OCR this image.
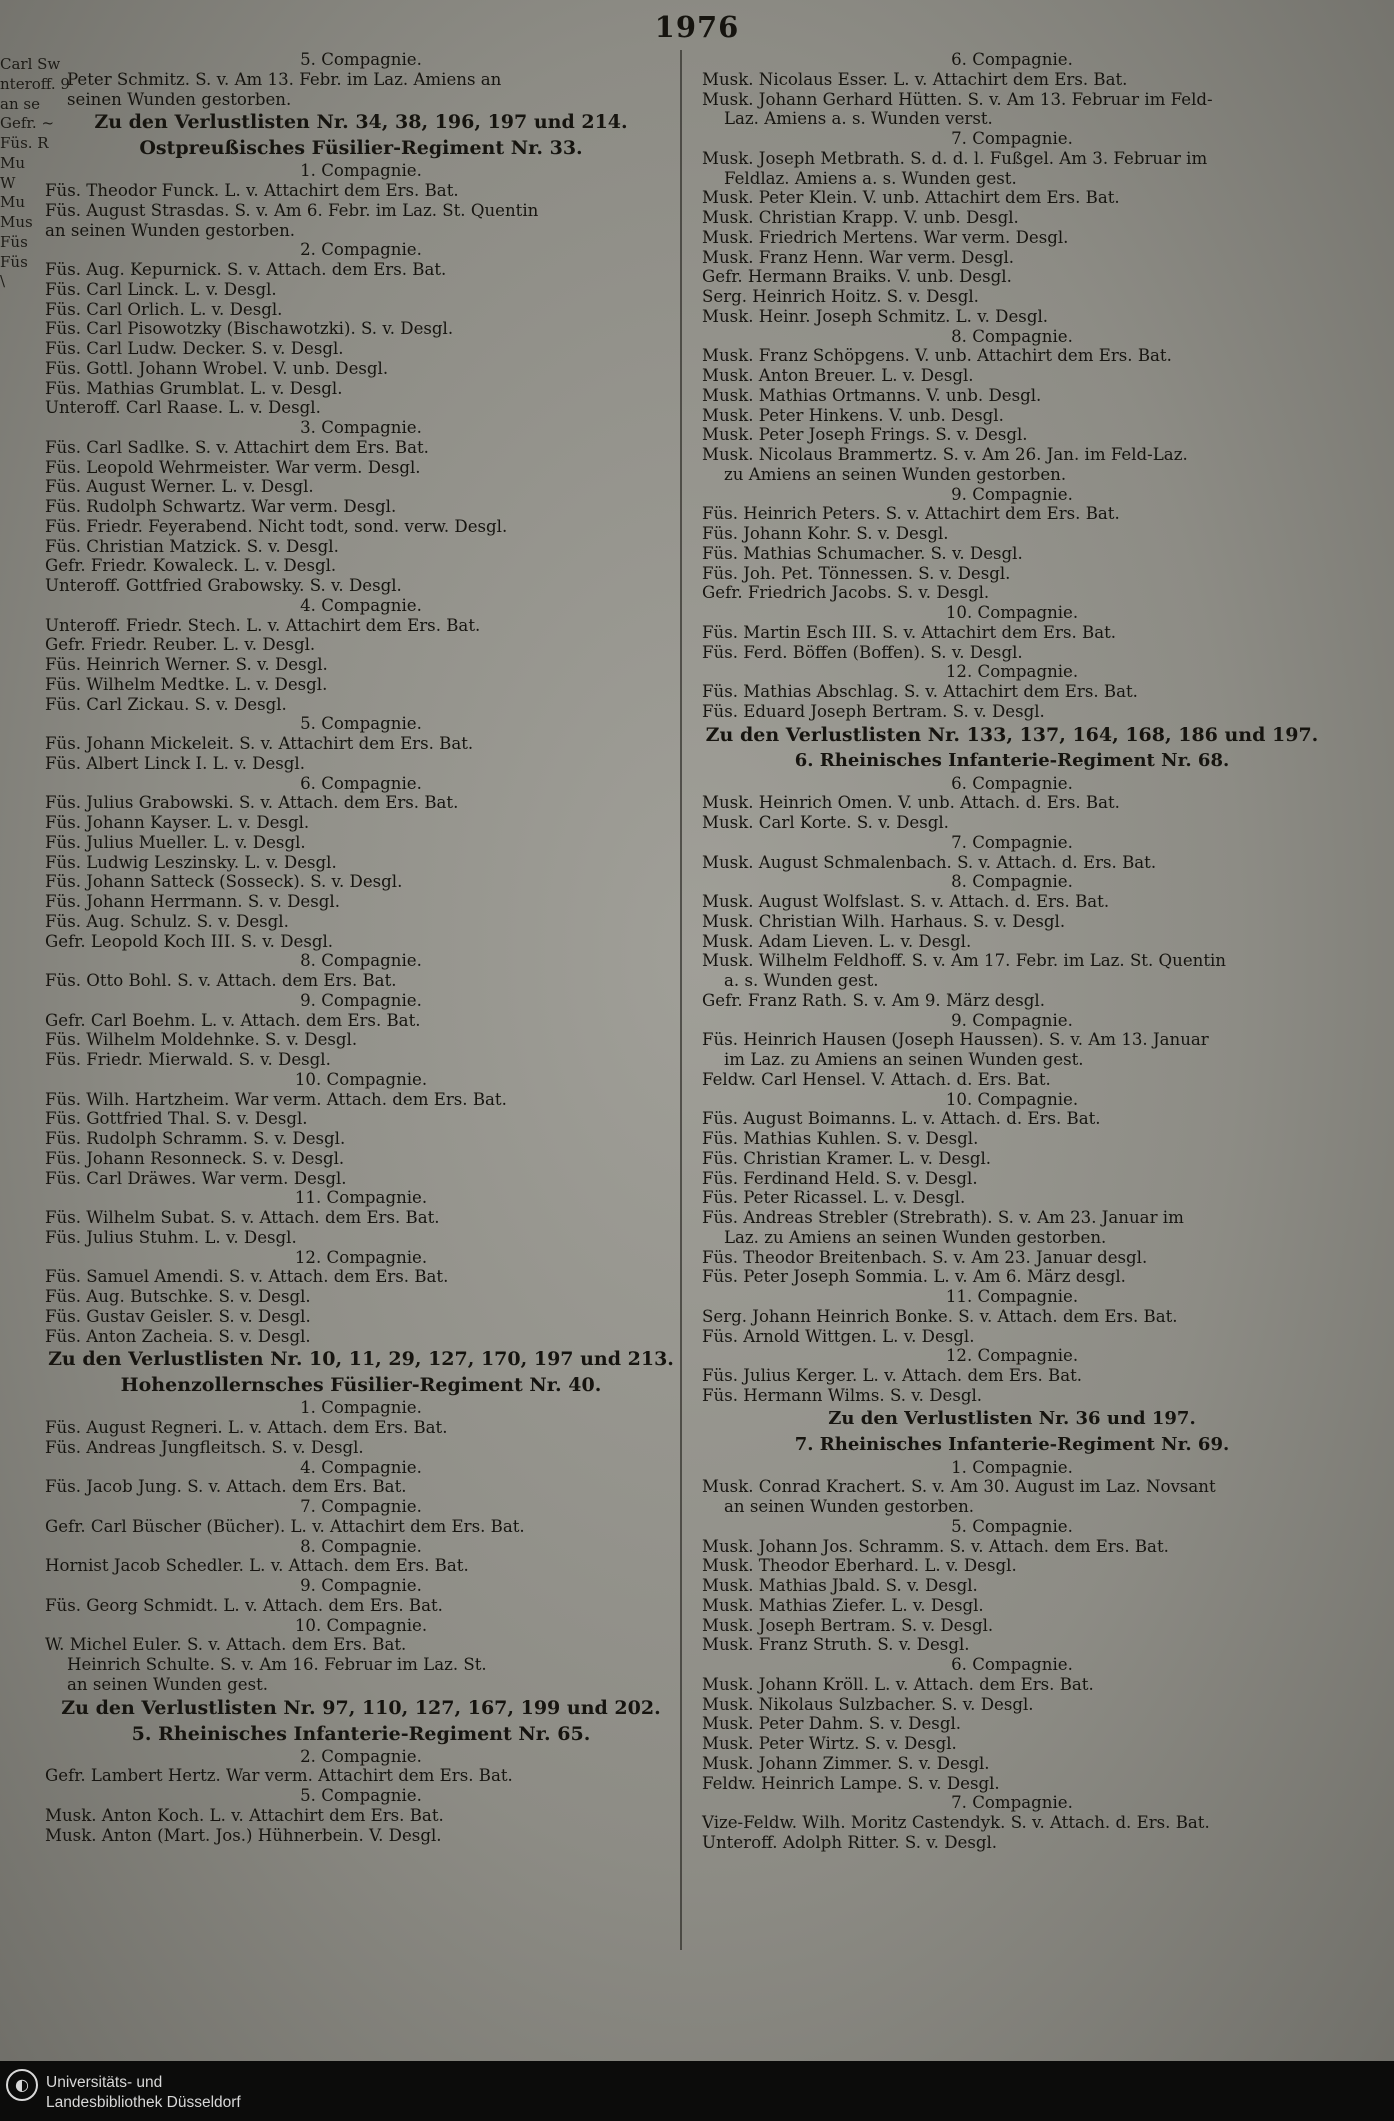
1976
Carl Sw
nteroff. 9
an se
Gefr. ~
Füs. R
Mu
W
Mu
Mus
Füs
Füs
\
5. Compagnie.
Peter Schmitz. S. v. Am 13. Febr. im Laz. Amiens an
seinen Wunden gestorben.
Zu den Verlustlisten Nr. 34, 38, 196, 197 und 214.
Ostpreußisches Füsilier-Regiment Nr. 33.
1. Compagnie.
Füs. Theodor Funck. L. v. Attachirt dem Ers. Bat.
Füs. August Strasdas. S. v. Am 6. Febr. im Laz. St. Quentin
an seinen Wunden gestorben.
2. Compagnie.
Füs. Aug. Kepurnick. S. v. Attach. dem Ers. Bat.
Füs. Carl Linck. L. v. Desgl.
Füs. Carl Orlich. L. v. Desgl.
Füs. Carl Pisowotzky (Bischawotzki). S. v. Desgl.
Füs. Carl Ludw. Decker. S. v. Desgl.
Füs. Gottl. Johann Wrobel. V. unb. Desgl.
Füs. Mathias Grumblat. L. v. Desgl.
Unteroff. Carl Raase. L. v. Desgl.
3. Compagnie.
Füs. Carl Sadlke. S. v. Attachirt dem Ers. Bat.
Füs. Leopold Wehrmeister. War verm. Desgl.
Füs. August Werner. L. v. Desgl.
Füs. Rudolph Schwartz. War verm. Desgl.
Füs. Friedr. Feyerabend. Nicht todt, sond. verw. Desgl.
Füs. Christian Matzick. S. v. Desgl.
Gefr. Friedr. Kowaleck. L. v. Desgl.
Unteroff. Gottfried Grabowsky. S. v. Desgl.
4. Compagnie.
Unteroff. Friedr. Stech. L. v. Attachirt dem Ers. Bat.
Gefr. Friedr. Reuber. L. v. Desgl.
Füs. Heinrich Werner. S. v. Desgl.
Füs. Wilhelm Medtke. L. v. Desgl.
Füs. Carl Zickau. S. v. Desgl.
5. Compagnie.
Füs. Johann Mickeleit. S. v. Attachirt dem Ers. Bat.
Füs. Albert Linck I. L. v. Desgl.
6. Compagnie.
Füs. Julius Grabowski. S. v. Attach. dem Ers. Bat.
Füs. Johann Kayser. L. v. Desgl.
Füs. Julius Mueller. L. v. Desgl.
Füs. Ludwig Leszinsky. L. v. Desgl.
Füs. Johann Satteck (Sosseck). S. v. Desgl.
Füs. Johann Herrmann. S. v. Desgl.
Füs. Aug. Schulz. S. v. Desgl.
Gefr. Leopold Koch III. S. v. Desgl.
8. Compagnie.
Füs. Otto Bohl. S. v. Attach. dem Ers. Bat.
9. Compagnie.
Gefr. Carl Boehm. L. v. Attach. dem Ers. Bat.
Füs. Wilhelm Moldehnke. S. v. Desgl.
Füs. Friedr. Mierwald. S. v. Desgl.
10. Compagnie.
Füs. Wilh. Hartzheim. War verm. Attach. dem Ers. Bat.
Füs. Gottfried Thal. S. v. Desgl.
Füs. Rudolph Schramm. S. v. Desgl.
Füs. Johann Resonneck. S. v. Desgl.
Füs. Carl Dräwes. War verm. Desgl.
11. Compagnie.
Füs. Wilhelm Subat. S. v. Attach. dem Ers. Bat.
Füs. Julius Stuhm. L. v. Desgl.
12. Compagnie.
Füs. Samuel Amendi. S. v. Attach. dem Ers. Bat.
Füs. Aug. Butschke. S. v. Desgl.
Füs. Gustav Geisler. S. v. Desgl.
Füs. Anton Zacheia. S. v. Desgl.
Zu den Verlustlisten Nr. 10, 11, 29, 127, 170, 197 und 213.
Hohenzollernsches Füsilier-Regiment Nr. 40.
1. Compagnie.
Füs. August Regneri. L. v. Attach. dem Ers. Bat.
Füs. Andreas Jungfleitsch. S. v. Desgl.
4. Compagnie.
Füs. Jacob Jung. S. v. Attach. dem Ers. Bat.
7. Compagnie.
Gefr. Carl Büscher (Bücher). L. v. Attachirt dem Ers. Bat.
8. Compagnie.
Hornist Jacob Schedler. L. v. Attach. dem Ers. Bat.
9. Compagnie.
Füs. Georg Schmidt. L. v. Attach. dem Ers. Bat.
10. Compagnie.
W. Michel Euler. S. v. Attach. dem Ers. Bat.
Heinrich Schulte. S. v. Am 16. Februar im Laz. St.
an seinen Wunden gest.
Zu den Verlustlisten Nr. 97, 110, 127, 167, 199 und 202.
5. Rheinisches Infanterie-Regiment Nr. 65.
2. Compagnie.
Gefr. Lambert Hertz. War verm. Attachirt dem Ers. Bat.
5. Compagnie.
Musk. Anton Koch. L. v. Attachirt dem Ers. Bat.
Musk. Anton (Mart. Jos.) Hühnerbein. V. Desgl.
6. Compagnie.
Musk. Nicolaus Esser. L. v. Attachirt dem Ers. Bat.
Musk. Johann Gerhard Hütten. S. v. Am 13. Februar im Feld-
Laz. Amiens a. s. Wunden verst.
7. Compagnie.
Musk. Joseph Metbrath. S. d. d. l. Fußgel. Am 3. Februar im
Feldlaz. Amiens a. s. Wunden gest.
Musk. Peter Klein. V. unb. Attachirt dem Ers. Bat.
Musk. Christian Krapp. V. unb. Desgl.
Musk. Friedrich Mertens. War verm. Desgl.
Musk. Franz Henn. War verm. Desgl.
Gefr. Hermann Braiks. V. unb. Desgl.
Serg. Heinrich Hoitz. S. v. Desgl.
Musk. Heinr. Joseph Schmitz. L. v. Desgl.
8. Compagnie.
Musk. Franz Schöpgens. V. unb. Attachirt dem Ers. Bat.
Musk. Anton Breuer. L. v. Desgl.
Musk. Mathias Ortmanns. V. unb. Desgl.
Musk. Peter Hinkens. V. unb. Desgl.
Musk. Peter Joseph Frings. S. v. Desgl.
Musk. Nicolaus Brammertz. S. v. Am 26. Jan. im Feld-Laz.
zu Amiens an seinen Wunden gestorben.
9. Compagnie.
Füs. Heinrich Peters. S. v. Attachirt dem Ers. Bat.
Füs. Johann Kohr. S. v. Desgl.
Füs. Mathias Schumacher. S. v. Desgl.
Füs. Joh. Pet. Tönnessen. S. v. Desgl.
Gefr. Friedrich Jacobs. S. v. Desgl.
10. Compagnie.
Füs. Martin Esch III. S. v. Attachirt dem Ers. Bat.
Füs. Ferd. Böffen (Boffen). S. v. Desgl.
12. Compagnie.
Füs. Mathias Abschlag. S. v. Attachirt dem Ers. Bat.
Füs. Eduard Joseph Bertram. S. v. Desgl.
Zu den Verlustlisten Nr. 133, 137, 164, 168, 186 und 197.
6. Rheinisches Infanterie-Regiment Nr. 68.
6. Compagnie.
Musk. Heinrich Omen. V. unb. Attach. d. Ers. Bat.
Musk. Carl Korte. S. v. Desgl.
7. Compagnie.
Musk. August Schmalenbach. S. v. Attach. d. Ers. Bat.
8. Compagnie.
Musk. August Wolfslast. S. v. Attach. d. Ers. Bat.
Musk. Christian Wilh. Harhaus. S. v. Desgl.
Musk. Adam Lieven. L. v. Desgl.
Musk. Wilhelm Feldhoff. S. v. Am 17. Febr. im Laz. St. Quentin
a. s. Wunden gest.
Gefr. Franz Rath. S. v. Am 9. März desgl.
9. Compagnie.
Füs. Heinrich Hausen (Joseph Haussen). S. v. Am 13. Januar
im Laz. zu Amiens an seinen Wunden gest.
Feldw. Carl Hensel. V. Attach. d. Ers. Bat.
10. Compagnie.
Füs. August Boimanns. L. v. Attach. d. Ers. Bat.
Füs. Mathias Kuhlen. S. v. Desgl.
Füs. Christian Kramer. L. v. Desgl.
Füs. Ferdinand Held. S. v. Desgl.
Füs. Peter Ricassel. L. v. Desgl.
Füs. Andreas Strebler (Strebrath). S. v. Am 23. Januar im
Laz. zu Amiens an seinen Wunden gestorben.
Füs. Theodor Breitenbach. S. v. Am 23. Januar desgl.
Füs. Peter Joseph Sommia. L. v. Am 6. März desgl.
11. Compagnie.
Serg. Johann Heinrich Bonke. S. v. Attach. dem Ers. Bat.
Füs. Arnold Wittgen. L. v. Desgl.
12. Compagnie.
Füs. Julius Kerger. L. v. Attach. dem Ers. Bat.
Füs. Hermann Wilms. S. v. Desgl.
Zu den Verlustlisten Nr. 36 und 197.
7. Rheinisches Infanterie-Regiment Nr. 69.
1. Compagnie.
Musk. Conrad Krachert. S. v. Am 30. August im Laz. Novsant
an seinen Wunden gestorben.
5. Compagnie.
Musk. Johann Jos. Schramm. S. v. Attach. dem Ers. Bat.
Musk. Theodor Eberhard. L. v. Desgl.
Musk. Mathias Jbald. S. v. Desgl.
Musk. Mathias Ziefer. L. v. Desgl.
Musk. Joseph Bertram. S. v. Desgl.
Musk. Franz Struth. S. v. Desgl.
6. Compagnie.
Musk. Johann Kröll. L. v. Attach. dem Ers. Bat.
Musk. Nikolaus Sulzbacher. S. v. Desgl.
Musk. Peter Dahm. S. v. Desgl.
Musk. Peter Wirtz. S. v. Desgl.
Musk. Johann Zimmer. S. v. Desgl.
Feldw. Heinrich Lampe. S. v. Desgl.
7. Compagnie.
Vize-Feldw. Wilh. Moritz Castendyk. S. v. Attach. d. Ers. Bat.
Unteroff. Adolph Ritter. S. v. Desgl.
◐	Universitäts- und
Landesbibliothek Düsseldorf
